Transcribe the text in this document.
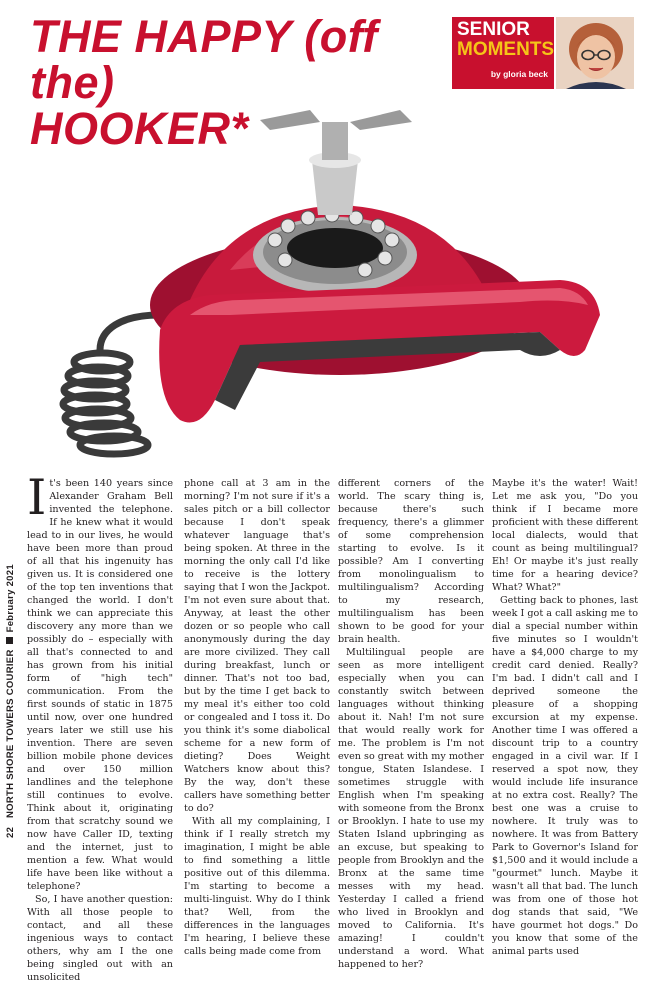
THE HAPPY (off the)
HOOKER*
SENIOR
MOMENTS
by gloria beck
22   NORTH SHORE TOWERS COURIERFebruary 2021

It's been 140 years since Alexander Graham Bell invented the telephone. If he knew what it would lead to in our lives, he would have been more than proud of all that his ingenuity has given us. It is considered one of the top ten inventions that changed the world. I don't think we can appreciate this discovery any more than we possibly do – especially with all that's connected to and has grown from his initial form of "high tech" communication. From the first sounds of static in 1875 until now, over one hundred years later we still use his invention. There are seven billion mobile phone devices and over 150 million landlines and the telephone still continues to evolve. Think about it, originating from that scratchy sound we now have Caller ID, texting and the internet, just to mention a few. What would life have been like without a telephone?

So, I have another question: With all those people to contact, and all these ingenious ways to contact others, why am I the one being singled out with an unsolicited

phone call at 3 am in the morning? I'm not sure if it's a sales pitch or a bill collector because I don't speak whatever language that's being spoken. At three in the morning the only call I'd like to receive is the lottery saying that I won the Jackpot. I'm not even sure about that. Anyway, at least the other dozen or so people who call anonymously during the day are more civilized. They call during breakfast, lunch or dinner. That's not too bad, but by the time I get back to my meal it's either too cold or congealed and I toss it. Do you think it's some diabolical scheme for a new form of dieting? Does Weight Watchers know about this? By the way, don't these callers have something better to do?

With all my complaining, I think if I really stretch my imagination, I might be able to find something a little positive out of this dilemma. I'm starting to become a multi-linguist. Why do I think that? Well, from the differences in the languages I'm hearing, I believe these calls being made come from

different corners of the world. The scary thing is, because there's such frequency, there's a glimmer of some comprehension starting to evolve. Is it possible? Am I converting from monolingualism to multilingualism? According to my research, multilingualism has been shown to be good for your brain health.

Multilingual people are seen as more intelligent especially when you can constantly switch between languages without thinking about it. Nah! I'm not sure that would really work for me. The problem is I'm not even so great with my mother tongue, Staten Islandese. I sometimes struggle with English when I'm speaking with someone from the Bronx or Brooklyn. I hate to use my Staten Island upbringing as an excuse, but speaking to people from Brooklyn and the Bronx at the same time messes with my head. Yesterday I called a friend who lived in Brooklyn and moved to California. It's amazing! I couldn't understand a word. What happened to her?

Maybe it's the water! Wait! Let me ask you, "Do you think if I became more proficient with these different local dialects, would that count as being multilingual? Eh! Or maybe it's just really time for a hearing device? What? What?"

Getting back to phones, last week I got a call asking me to dial a special number within five minutes so I wouldn't have a $4,000 charge to my credit card denied. Really? I'm bad. I didn't call and I deprived someone the pleasure of a shopping excursion at my expense. Another time I was offered a discount trip to a country engaged in a civil war. If I reserved a spot now, they would include life insurance at no extra cost. Really? The best one was a cruise to nowhere. It truly was to nowhere. It was from Battery Park to Governor's Island for $1,500 and it would include a "gourmet" lunch. Maybe it wasn't all that bad. The lunch was from one of those hot dog stands that said, "We have gourmet hot dogs." Do you know that some of the animal parts used
